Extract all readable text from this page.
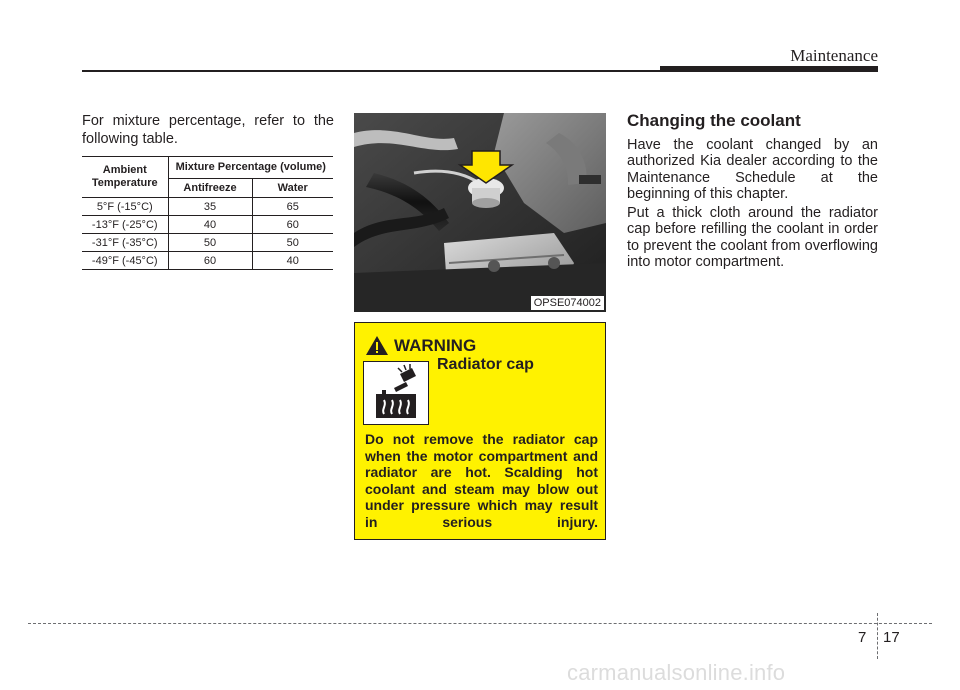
Maintenance
For mixture percentage, refer to the following table.
Ambient Temperature	Mixture Percentage (volume)	
	Antifreeze	Water
5°F (-15°C)	35	65
-13°F (-25°C)	40	60
-31°F (-35°C)	50	50
-49°F (-45°C)	60	40
OPSE074002
WARNING
Radiator cap
Do not remove the radiator cap when the motor compartment and radiator are hot. Scalding hot coolant and steam may blow out under pressure which may result in serious injury.
Changing the coolant
Have the coolant changed by an authorized Kia dealer according to the Maintenance Schedule at the beginning of this chapter.
Put a thick cloth around the radiator cap before refilling the coolant in order to prevent the coolant from overflowing into motor compartment.
7 17
carmanualsonline.info
